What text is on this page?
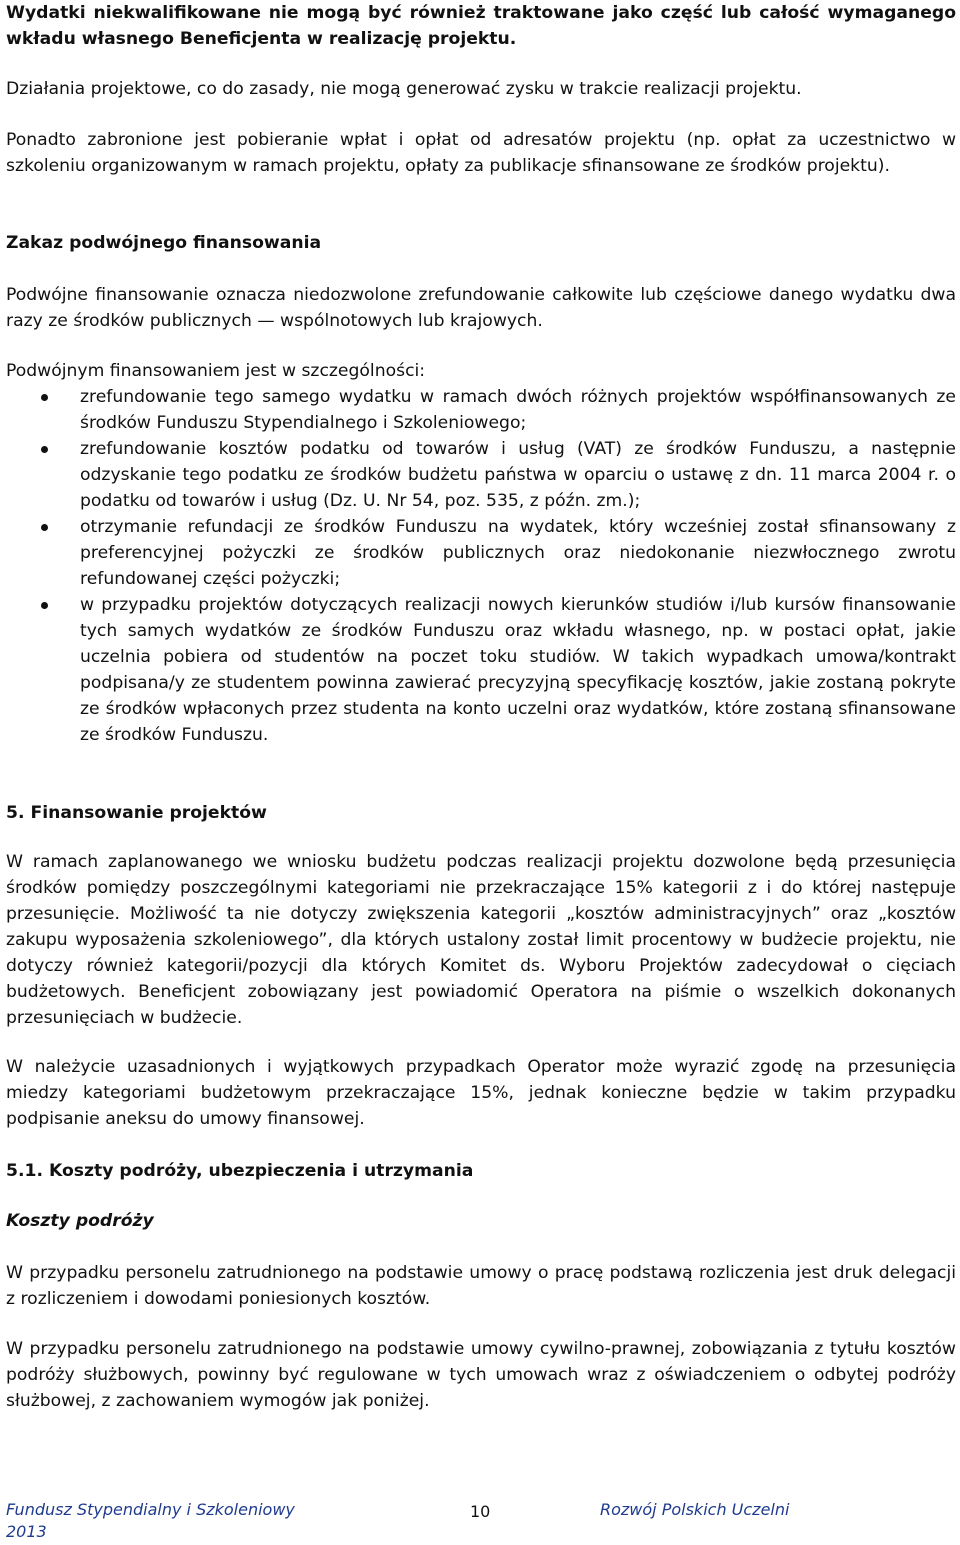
Wydatki niekwalifikowane nie mogą być również traktowane jako część lub całość wymaganego wkładu własnego Beneficjenta w realizację projektu.

Działania projektowe, co do zasady, nie mogą generować zysku w trakcie realizacji projektu.

Ponadto zabronione jest pobieranie wpłat i opłat od adresatów projektu (np. opłat za uczestnictwo w szkoleniu organizowanym w ramach projektu, opłaty za publikacje sfinansowane ze środków projektu).

Zakaz podwójnego finansowania

Podwójne finansowanie oznacza niedozwolone zrefundowanie całkowite lub częściowe danego wydatku dwa razy ze środków publicznych — wspólnotowych lub krajowych.

Podwójnym finansowaniem jest w szczególności:

zrefundowanie tego samego wydatku w ramach dwóch różnych projektów współfinansowanych ze środków Funduszu Stypendialnego i Szkoleniowego;
zrefundowanie kosztów podatku od towarów i usług (VAT) ze środków Funduszu, a następnie odzyskanie tego podatku ze środków budżetu państwa w oparciu o ustawę z dn. 11 marca 2004 r. o podatku od towarów i usług (Dz. U. Nr 54, poz. 535, z późn. zm.);
otrzymanie refundacji ze środków Funduszu na wydatek, który wcześniej został sfinansowany z preferencyjnej pożyczki ze środków publicznych oraz niedokonanie niezwłocznego zwrotu refundowanej części pożyczki;
w przypadku projektów dotyczących realizacji nowych kierunków studiów i/lub kursów finansowanie tych samych wydatków ze środków Funduszu oraz wkładu własnego, np. w postaci opłat, jakie uczelnia pobiera od studentów na poczet toku studiów. W takich wypadkach umowa/kontrakt podpisana/y ze studentem powinna zawierać precyzyjną specyfikację kosztów, jakie zostaną pokryte ze środków wpłaconych przez studenta na konto uczelni oraz wydatków, które zostaną sfinansowane ze środków Funduszu.

5. Finansowanie projektów

W ramach zaplanowanego we wniosku budżetu podczas realizacji projektu dozwolone będą przesunięcia środków pomiędzy poszczególnymi kategoriami nie przekraczające 15% kategorii z i do której następuje przesunięcie. Możliwość ta nie dotyczy zwiększenia kategorii „kosztów administracyjnych” oraz „kosztów zakupu wyposażenia szkoleniowego”, dla których ustalony został limit procentowy w budżecie projektu, nie dotyczy również kategorii/pozycji dla których Komitet ds. Wyboru Projektów zadecydował o cięciach budżetowych. Beneficjent zobowiązany jest powiadomić Operatora na piśmie o wszelkich dokonanych przesunięciach w budżecie.

W należycie uzasadnionych i wyjątkowych przypadkach Operator może wyrazić zgodę na przesunięcia miedzy kategoriami budżetowym przekraczające 15%, jednak konieczne będzie w takim przypadku podpisanie aneksu do umowy finansowej.

5.1. Koszty podróży, ubezpieczenia i utrzymania

Koszty podróży

W przypadku personelu zatrudnionego na podstawie umowy o pracę podstawą rozliczenia jest druk delegacji z rozliczeniem i dowodami poniesionych kosztów.

W przypadku personelu zatrudnionego na podstawie umowy cywilno-prawnej, zobowiązania z tytułu kosztów podróży służbowych, powinny być regulowane w tych umowach wraz z oświadczeniem o odbytej podróży służbowej, z zachowaniem wymogów jak poniżej.

Fundusz Stypendialny i Szkoleniowy
2013
10	Rozwój Polskich Uczelni
